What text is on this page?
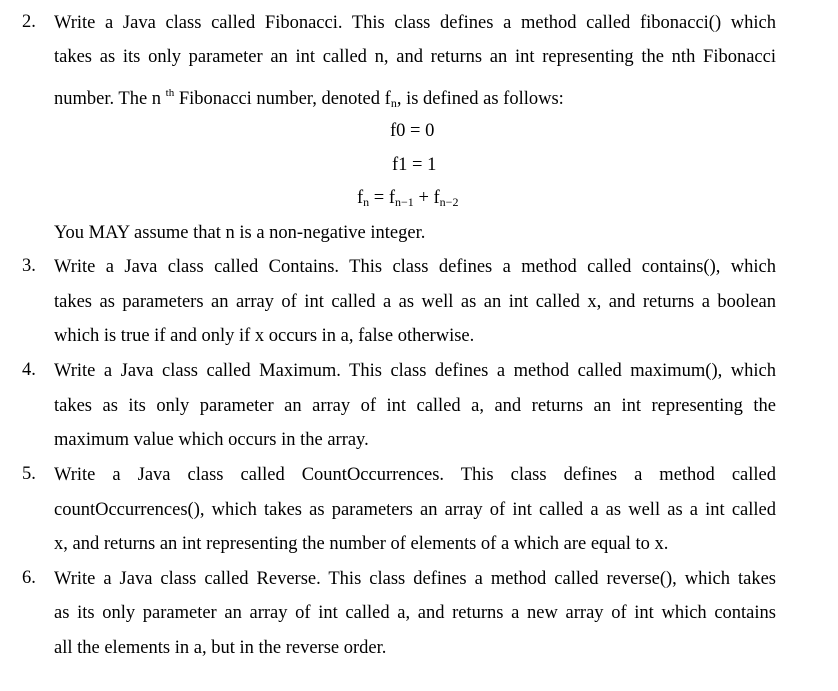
2. Write a Java class called Fibonacci. This class defines a method called fibonacci() which
takes as its only parameter an int called n, and returns an int representing the nth Fibonacci
number. The n $^{th}$ Fibonacci number, denoted $f_n$, is defined as follows:
f0 = 0
f1 = 1
$f_n = f_{n-1} + f_{n-2}$
You MAY assume that n is a non-negative integer.
3. Write a Java class called Contains. This class defines a method called contains(), which
takes as parameters an array of int called a as well as an int called x, and returns a boolean
which is true if and only if x occurs in a, false otherwise.
4. Write a Java class called Maximum. This class defines a method called maximum(), which
takes as its only parameter an array of int called a, and returns an int representing the
maximum value which occurs in the array.
5. Write a Java class called CountOccurrences. This class defines a method called
countOccurrences(), which takes as parameters an array of int called a as well as a int called
x, and returns an int representing the number of elements of a which are equal to x.
6. Write a Java class called Reverse. This class defines a method called reverse(), which takes
as its only parameter an array of int called a, and returns a new array of int which contains
all the elements in a, but in the reverse order.
